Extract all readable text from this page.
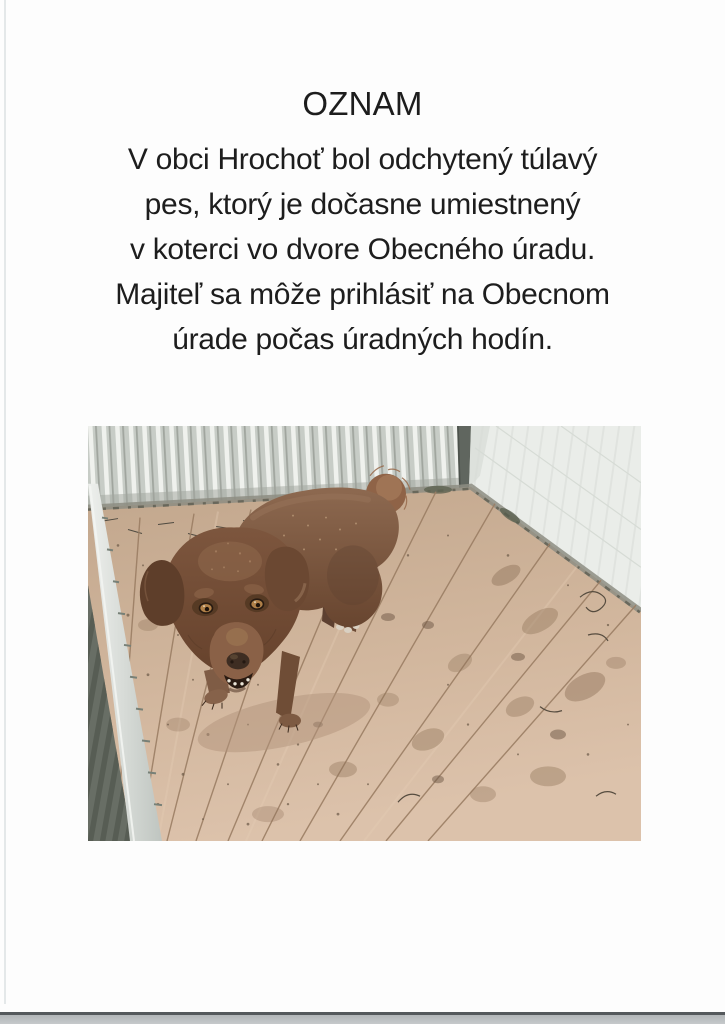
OZNAM
V obci Hrochoť bol odchytený túlavý
pes, ktorý je dočasne umiestnený
v koterci vo dvore Obecného úradu.
Majiteľ sa môže prihlásiť na Obecnom
úrade počas úradných hodín.
